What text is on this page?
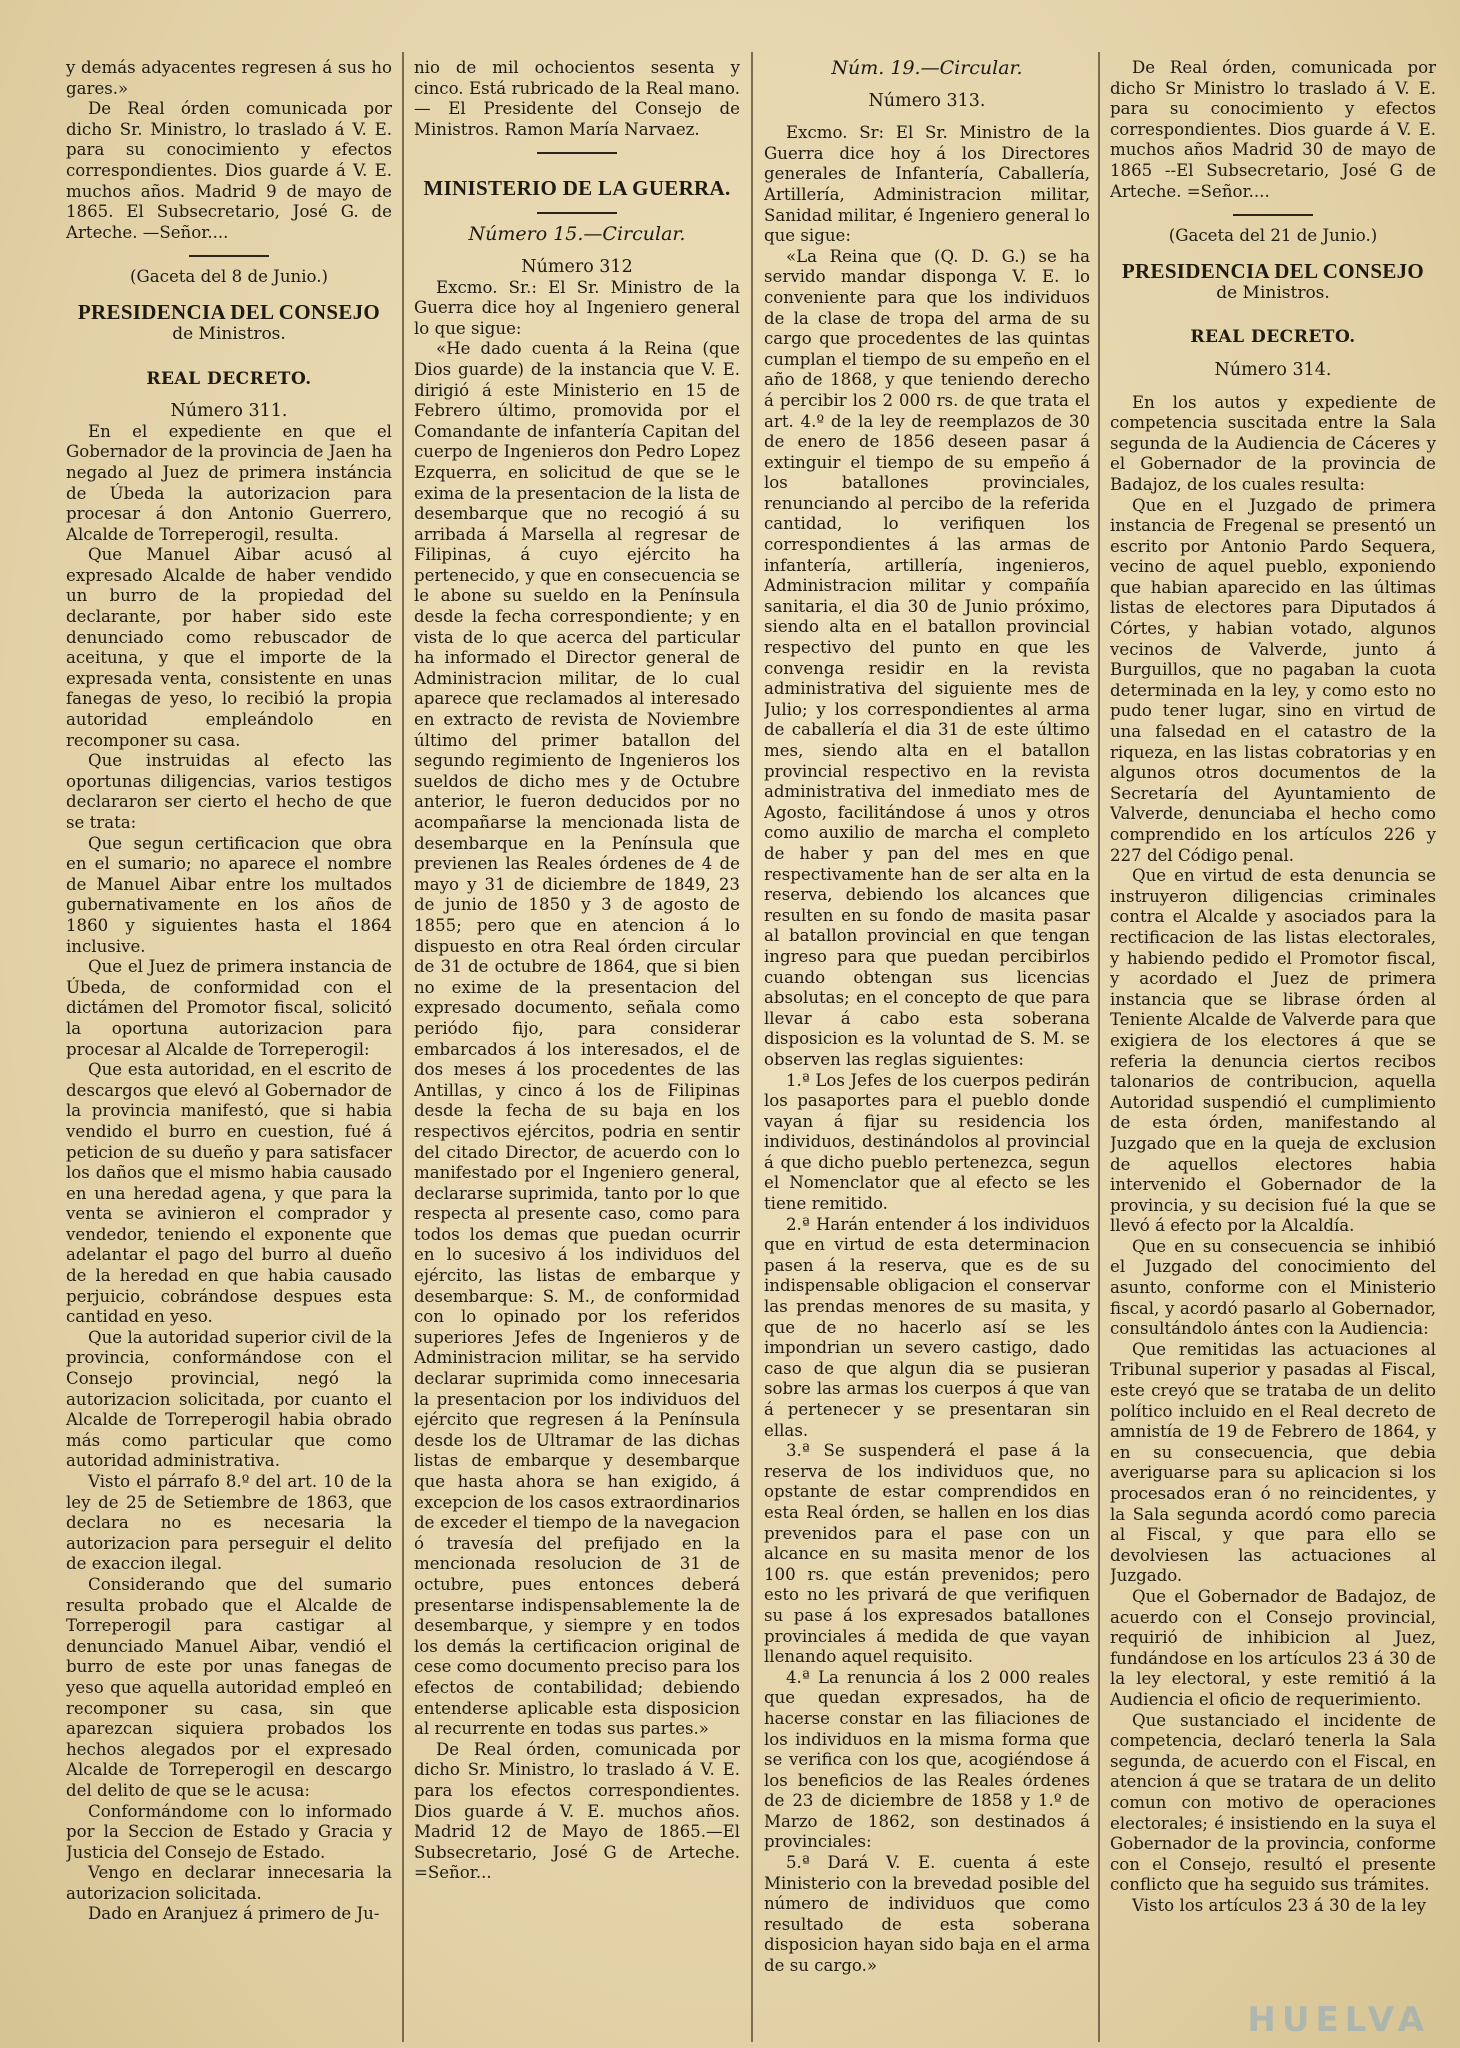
y demás adyacentes regresen á sus ho gares.»

De Real órden comunicada por dicho Sr. Ministro, lo traslado á V. E. para su conocimiento y efectos correspondientes. Dios guarde á V. E. muchos años. Madrid 9 de mayo de 1865. El Subsecretario, José G. de Arteche. —Señor....

(Gaceta del 8 de Junio.)

PRESIDENCIA DEL CONSEJO
de Ministros.
REAL DECRETO.
Número 311.

En el expediente en que el Gobernador de la provincia de Jaen ha negado al Juez de primera instáncia de Úbeda la autorizacion para procesar á don Antonio Guerrero, Alcalde de Torreperogil, resulta.

Que Manuel Aibar acusó al expresado Alcalde de haber vendido un burro de la propiedad del declarante, por haber sido este denunciado como rebuscador de aceituna, y que el importe de la expresada venta, consistente en unas fanegas de yeso, lo recibió la propia autoridad empleándolo en recomponer su casa.

Que instruidas al efecto las oportunas diligencias, varios testigos declararon ser cierto el hecho de que se trata:

Que segun certificacion que obra en el sumario; no aparece el nombre de Manuel Aibar entre los multados gubernativamente en los años de 1860 y siguientes hasta el 1864 inclusive.

Que el Juez de primera instancia de Úbeda, de conformidad con el dictámen del Promotor fiscal, solicitó la oportuna autorizacion para procesar al Alcalde de Torreperogil:

Que esta autoridad, en el escrito de descargos que elevó al Gobernador de la provincia manifestó, que si habia vendido el burro en cuestion, fué á peticion de su dueño y para satisfacer los daños que el mismo habia causado en una heredad agena, y que para la venta se avinieron el comprador y vendedor, teniendo el exponente que adelantar el pago del burro al dueño de la heredad en que habia causado perjuicio, cobrándose despues esta cantidad en yeso.

Que la autoridad superior civil de la provincia, conformándose con el Consejo provincial, negó la autorizacion solicitada, por cuanto el Alcalde de Torreperogil habia obrado más como particular que como autoridad administrativa.

Visto el párrafo 8.º del art. 10 de la ley de 25 de Setiembre de 1863, que declara no es necesaria la autorizacion para perseguir el delito de exaccion ilegal.

Considerando que del sumario resulta probado que el Alcalde de Torreperogil para castigar al denunciado Manuel Aibar, vendió el burro de este por unas fanegas de yeso que aquella autoridad empleó en recomponer su casa, sin que aparezcan siquiera probados los hechos alegados por el expresado Alcalde de Torreperogil en descargo del delito de que se le acusa:

Conformándome con lo informado por la Seccion de Estado y Gracia y Justicia del Consejo de Estado.

Vengo en declarar innecesaria la autorizacion solicitada.

Dado en Aranjuez á primero de Ju-

nio de mil ochocientos sesenta y cinco. Está rubricado de la Real mano. — El Presidente del Consejo de Ministros. Ramon María Narvaez.

MINISTERIO DE LA GUERRA.
Número 15.—Circular.
Número 312

Excmo. Sr.: El Sr. Ministro de la Guerra dice hoy al Ingeniero general lo que sigue:

«He dado cuenta á la Reina (que Dios guarde) de la instancia que V. E. dirigió á este Ministerio en 15 de Febrero último, promovida por el Comandante de infantería Capitan del cuerpo de Ingenieros don Pedro Lopez Ezquerra, en solicitud de que se le exima de la presentacion de la lista de desembarque que no recogió á su arribada á Marsella al regresar de Filipinas, á cuyo ejército ha pertenecido, y que en consecuencia se le abone su sueldo en la Península desde la fecha correspondiente; y en vista de lo que acerca del particular ha informado el Director general de Administracion militar, de lo cual aparece que reclamados al interesado en extracto de revista de Noviembre último del primer batallon del segundo regimiento de Ingenieros los sueldos de dicho mes y de Octubre anterior, le fueron deducidos por no acompañarse la mencionada lista de desembarque en la Península que previenen las Reales órdenes de 4 de mayo y 31 de diciembre de 1849, 23 de junio de 1850 y 3 de agosto de 1855; pero que en atencion á lo dispuesto en otra Real órden circular de 31 de octubre de 1864, que si bien no exime de la presentacion del expresado documento, señala como periódo fijo, para considerar embarcados á los interesados, el de dos meses á los procedentes de las Antillas, y cinco á los de Filipinas desde la fecha de su baja en los respectivos ejércitos, podria en sentir del citado Director, de acuerdo con lo manifestado por el Ingeniero general, declararse suprimida, tanto por lo que respecta al presente caso, como para todos los demas que puedan ocurrir en lo sucesivo á los individuos del ejército, las listas de embarque y desembarque: S. M., de conformidad con lo opinado por los referidos superiores Jefes de Ingenieros y de Administracion militar, se ha servido declarar suprimida como innecesaria la presentacion por los individuos del ejército que regresen á la Península desde los de Ultramar de las dichas listas de embarque y desembarque que hasta ahora se han exigido, á excepcion de los casos extraordinarios de exceder el tiempo de la navegacion ó travesía del prefijado en la mencionada resolucion de 31 de octubre, pues entonces deberá presentarse indispensablemente la de desembarque, y siempre y en todos los demás la certificacion original de cese como documento preciso para los efectos de contabilidad; debiendo entenderse aplicable esta disposicion al recurrente en todas sus partes.»

De Real órden, comunicada por dicho Sr. Ministro, lo traslado á V. E. para los efectos correspondientes. Dios guarde á V. E. muchos años. Madrid 12 de Mayo de 1865.—El Subsecretario, José G de Arteche. =Señor...

Núm. 19.—Circular.
Número 313.

Excmo. Sr: El Sr. Ministro de la Guerra dice hoy á los Directores generales de Infantería, Caballería, Artillería, Administracion militar, Sanidad militar, é Ingeniero general lo que sigue:

«La Reina que (Q. D. G.) se ha servido mandar disponga V. E. lo conveniente para que los individuos de la clase de tropa del arma de su cargo que procedentes de las quintas cumplan el tiempo de su empeño en el año de 1868, y que teniendo derecho á percibir los 2 000 rs. de que trata el art. 4.º de la ley de reemplazos de 30 de enero de 1856 deseen pasar á extinguir el tiempo de su empeño á los batallones provinciales, renunciando al percibo de la referida cantidad, lo verifiquen los correspondientes á las armas de infantería, artillería, ingenieros, Administracion militar y compañía sanitaria, el dia 30 de Junio próximo, siendo alta en el batallon provincial respectivo del punto en que les convenga residir en la revista administrativa del siguiente mes de Julio; y los correspondientes al arma de caballería el dia 31 de este último mes, siendo alta en el batallon provincial respectivo en la revista administrativa del inmediato mes de Agosto, facilitándose á unos y otros como auxilio de marcha el completo de haber y pan del mes en que respectivamente han de ser alta en la reserva, debiendo los alcances que resulten en su fondo de masita pasar al batallon provincial en que tengan ingreso para que puedan percibirlos cuando obtengan sus licencias absolutas; en el concepto de que para llevar á cabo esta soberana disposicion es la voluntad de S. M. se observen las reglas siguientes:

1.ª Los Jefes de los cuerpos pedirán los pasaportes para el pueblo donde vayan á fijar su residencia los individuos, destinándolos al provincial á que dicho pueblo pertenezca, segun el Nomenclator que al efecto se les tiene remitido.

2.ª Harán entender á los individuos que en virtud de esta determinacion pasen á la reserva, que es de su indispensable obligacion el conservar las prendas menores de su masita, y que de no hacerlo así se les impondrian un severo castigo, dado caso de que algun dia se pusieran sobre las armas los cuerpos á que van á pertenecer y se presentaran sin ellas.

3.ª Se suspenderá el pase á la reserva de los individuos que, no opstante de estar comprendidos en esta Real órden, se hallen en los dias prevenidos para el pase con un alcance en su masita menor de los 100 rs. que están prevenidos; pero esto no les privará de que verifiquen su pase á los expresados batallones provinciales á medida de que vayan llenando aquel requisito.

4.ª La renuncia á los 2 000 reales que quedan expresados, ha de hacerse constar en las filiaciones de los individuos en la misma forma que se verifica con los que, acogiéndose á los beneficios de las Reales órdenes de 23 de diciembre de 1858 y 1.º de Marzo de 1862, son destinados á provinciales:

5.ª Dará V. E. cuenta á este Ministerio con la brevedad posible del número de individuos que como resultado de esta soberana disposicion hayan sido baja en el arma de su cargo.»

De Real órden, comunicada por dicho Sr Ministro lo traslado á V. E. para su conocimiento y efectos correspondientes. Dios guarde á V. E. muchos años Madrid 30 de mayo de 1865 --El Subsecretario, José G de Arteche. =Señor....

(Gaceta del 21 de Junio.)

PRESIDENCIA DEL CONSEJO
de Ministros.
REAL DECRETO.
Número 314.

En los autos y expediente de competencia suscitada entre la Sala segunda de la Audiencia de Cáceres y el Gobernador de la provincia de Badajoz, de los cuales resulta:

Que en el Juzgado de primera instancia de Fregenal se presentó un escrito por Antonio Pardo Sequera, vecino de aquel pueblo, exponiendo que habian aparecido en las últimas listas de electores para Diputados á Córtes, y habian votado, algunos vecinos de Valverde, junto á Burguillos, que no pagaban la cuota determinada en la ley, y como esto no pudo tener lugar, sino en virtud de una falsedad en el catastro de la riqueza, en las listas cobratorias y en algunos otros documentos de la Secretaría del Ayuntamiento de Valverde, denunciaba el hecho como comprendido en los artículos 226 y 227 del Código penal.

Que en virtud de esta denuncia se instruyeron diligencias criminales contra el Alcalde y asociados para la rectificacion de las listas electorales, y habiendo pedido el Promotor fiscal, y acordado el Juez de primera instancia que se librase órden al Teniente Alcalde de Valverde para que exigiera de los electores á que se referia la denuncia ciertos recibos talonarios de contribucion, aquella Autoridad suspendió el cumplimiento de esta órden, manifestando al Juzgado que en la queja de exclusion de aquellos electores habia intervenido el Gobernador de la provincia, y su decision fué la que se llevó á efecto por la Alcaldía.

Que en su consecuencia se inhibió el Juzgado del conocimiento del asunto, conforme con el Ministerio fiscal, y acordó pasarlo al Gobernador, consultándolo ántes con la Audiencia:

Que remitidas las actuaciones al Tribunal superior y pasadas al Fiscal, este creyó que se trataba de un delito político incluido en el Real decreto de amnistía de 19 de Febrero de 1864, y en su consecuencia, que debia averiguarse para su aplicacion si los procesados eran ó no reincidentes, y la Sala segunda acordó como parecia al Fiscal, y que para ello se devolviesen las actuaciones al Juzgado.

Que el Gobernador de Badajoz, de acuerdo con el Consejo provincial, requirió de inhibicion al Juez, fundándose en los artículos 23 á 30 de la ley electoral, y este remitió á la Audiencia el oficio de requerimiento.

Que sustanciado el incidente de competencia, declaró tenerla la Sala segunda, de acuerdo con el Fiscal, en atencion á que se tratara de un delito comun con motivo de operaciones electorales; é insistiendo en la suya el Gobernador de la provincia, conforme con el Consejo, resultó el presente conflicto que ha seguido sus trámites.

Visto los artículos 23 á 30 de la ley

HUELVA
